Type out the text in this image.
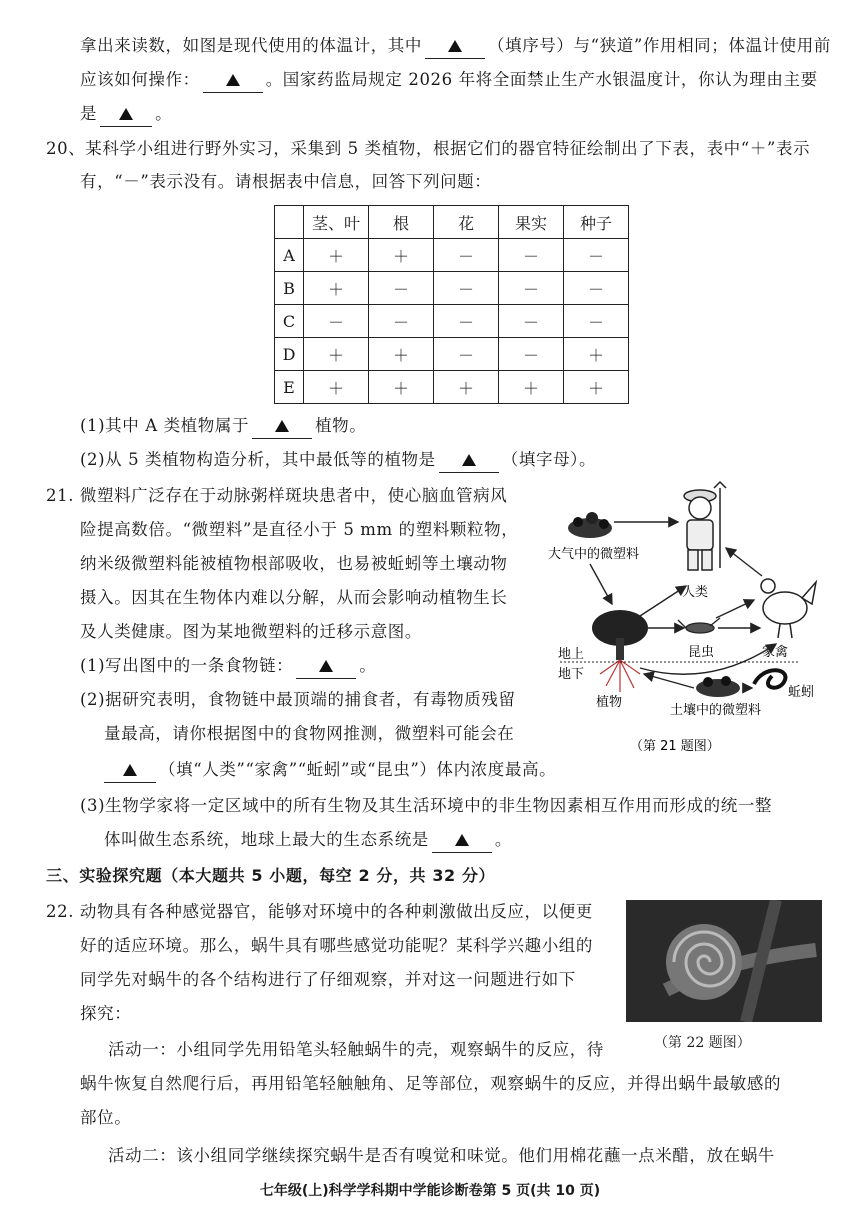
拿出来读数，如图是现代使用的体温计，其中	（填序号）与“狭道”作用相同；体温计使用前
应该如何操作：	。国家药监局规定 2026 年将全面禁止生产水银温度计，你认为理由主要
是	。
20、某科学小组进行野外实习，采集到 5 类植物，根据它们的器官特征绘制出了下表，表中“＋”表示
有，“－”表示没有。请根据表中信息，回答下列问题：
	茎、叶	根	花	果实	种子
A	＋	＋	－	－	－
B	＋	－	－	－	－
C	－	－	－	－	－
D	＋	＋	－	－	＋
E	＋	＋	＋	＋	＋
(1)其中 A 类植物属于	植物。
(2)从 5 类植物构造分析，其中最低等的植物是	（填字母）。
21. 微塑料广泛存在于动脉粥样斑块患者中，使心脑血管病风
险提高数倍。“微塑料”是直径小于 5 mm 的塑料颗粒物，
纳米级微塑料能被植物根部吸收，也易被蚯蚓等土壤动物
摄入。因其在生物体内难以分解，从而会影响动植物生长
及人类健康。图为某地微塑料的迁移示意图。
(1)写出图中的一条食物链：	。
(2)据研究表明，食物链中最顶端的捕食者，有毒物质残留
量最高，请你根据图中的食物网推测，微塑料可能会在
（填“人类”“家禽”“蚯蚓”或“昆虫”）体内浓度最高。
(3)生物学家将一定区域中的所有生物及其生活环境中的非生物因素相互作用而形成的统一整
体叫做生态系统，地球上最大的生态系统是	。
大气中的微塑料
人类
家禽
昆虫
地上
地下
土壤中的微塑料
植物
蚯蚓
（第 21 题图）
三、实验探究题（本大题共 5 小题，每空 2 分，共 32 分）
22. 动物具有各种感觉器官，能够对环境中的各种刺激做出反应，以便更
好的适应环境。那么，蜗牛具有哪些感觉功能呢？某科学兴趣小组的
同学先对蜗牛的各个结构进行了仔细观察，并对这一问题进行如下
探究：
活动一：小组同学先用铅笔头轻触蜗牛的壳，观察蜗牛的反应，待
蜗牛恢复自然爬行后，再用铅笔轻触触角、足等部位，观察蜗牛的反应，并得出蜗牛最敏感的
部位。
活动二：该小组同学继续探究蜗牛是否有嗅觉和味觉。他们用棉花蘸一点米醋，放在蜗牛
（第 22 题图）
七年级(上)科学学科期中学能诊断卷第 5 页(共 10 页)
